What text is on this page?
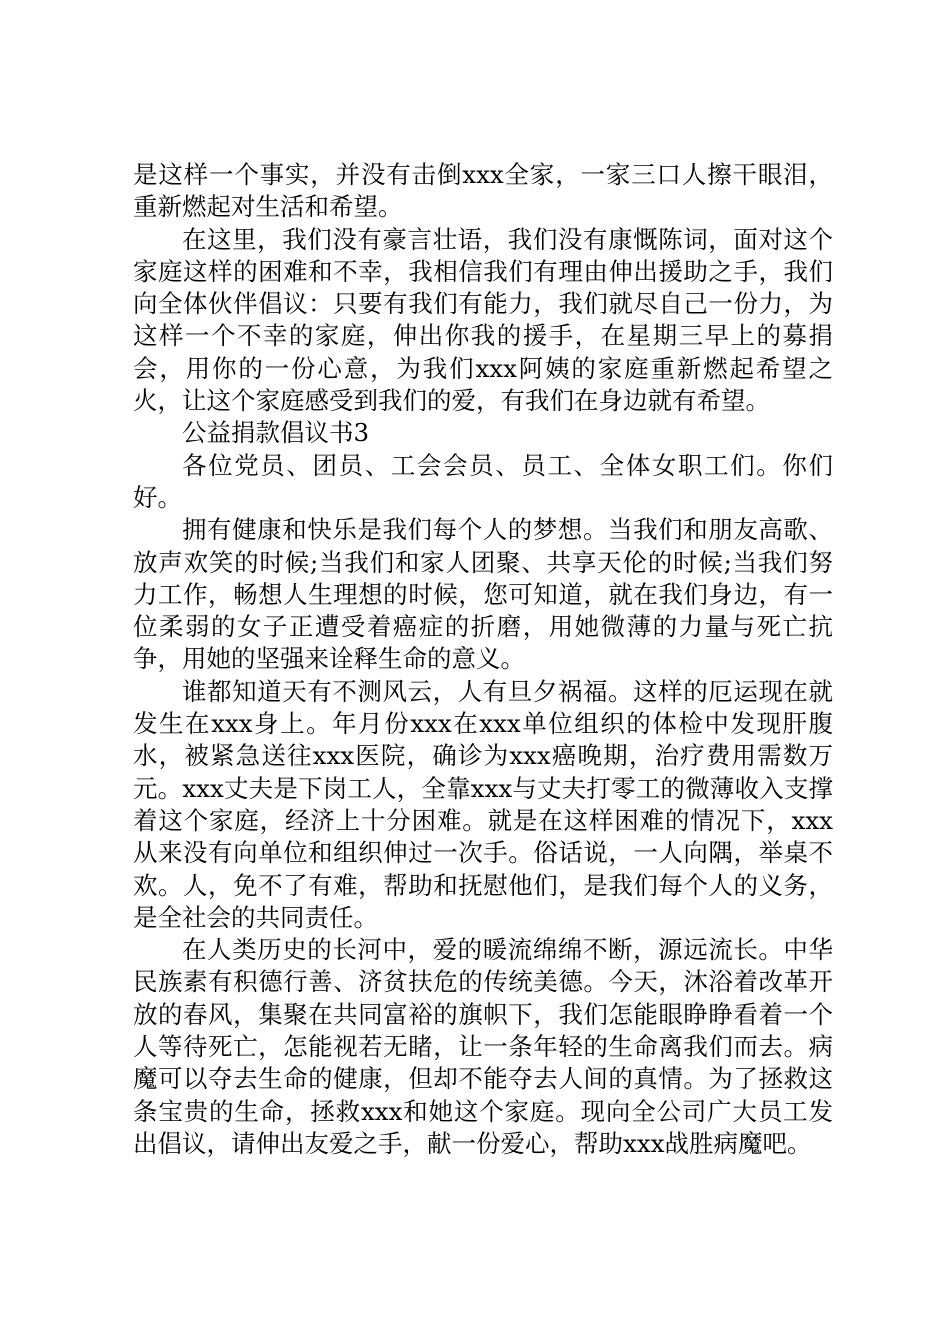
是这样一个事实，并没有击倒xxx全家，一家三口人擦干眼泪，重新燃起对生活和希望。

在这里，我们没有豪言壮语，我们没有康慨陈词，面对这个家庭这样的困难和不幸，我相信我们有理由伸出援助之手，我们向全体伙伴倡议：只要有我们有能力，我们就尽自己一份力，为这样一个不幸的家庭，伸出你我的援手，在星期三早上的募捐会，用你的一份心意，为我们xxx阿姨的家庭重新燃起希望之火，让这个家庭感受到我们的爱，有我们在身边就有希望。

公益捐款倡议书3

各位党员、团员、工会会员、员工、全体女职工们。你们好。

拥有健康和快乐是我们每个人的梦想。当我们和朋友高歌、放声欢笑的时候;当我们和家人团聚、共享天伦的时候;当我们努力工作，畅想人生理想的时候，您可知道，就在我们身边，有一位柔弱的女子正遭受着癌症的折磨，用她微薄的力量与死亡抗争，用她的坚强来诠释生命的意义。

谁都知道天有不测风云，人有旦夕祸福。这样的厄运现在就发生在xxx身上。年月份xxx在xxx单位组织的体检中发现肝腹水，被紧急送往xxx医院，确诊为xxx癌晚期，治疗费用需数万元。xxx丈夫是下岗工人，全靠xxx与丈夫打零工的微薄收入支撑着这个家庭，经济上十分困难。就是在这样困难的情况下，xxx从来没有向单位和组织伸过一次手。俗话说，一人向隅，举桌不欢。人，免不了有难，帮助和抚慰他们，是我们每个人的义务，是全社会的共同责任。

在人类历史的长河中，爱的暖流绵绵不断，源远流长。中华民族素有积德行善、济贫扶危的传统美德。今天，沐浴着改革开放的春风，集聚在共同富裕的旗帜下，我们怎能眼睁睁看着一个人等待死亡，怎能视若无睹，让一条年轻的生命离我们而去。病魔可以夺去生命的健康，但却不能夺去人间的真情。为了拯救这条宝贵的生命，拯救xxx和她这个家庭。现向全公司广大员工发出倡议，请伸出友爱之手，献一份爱心，帮助xxx战胜病魔吧。
